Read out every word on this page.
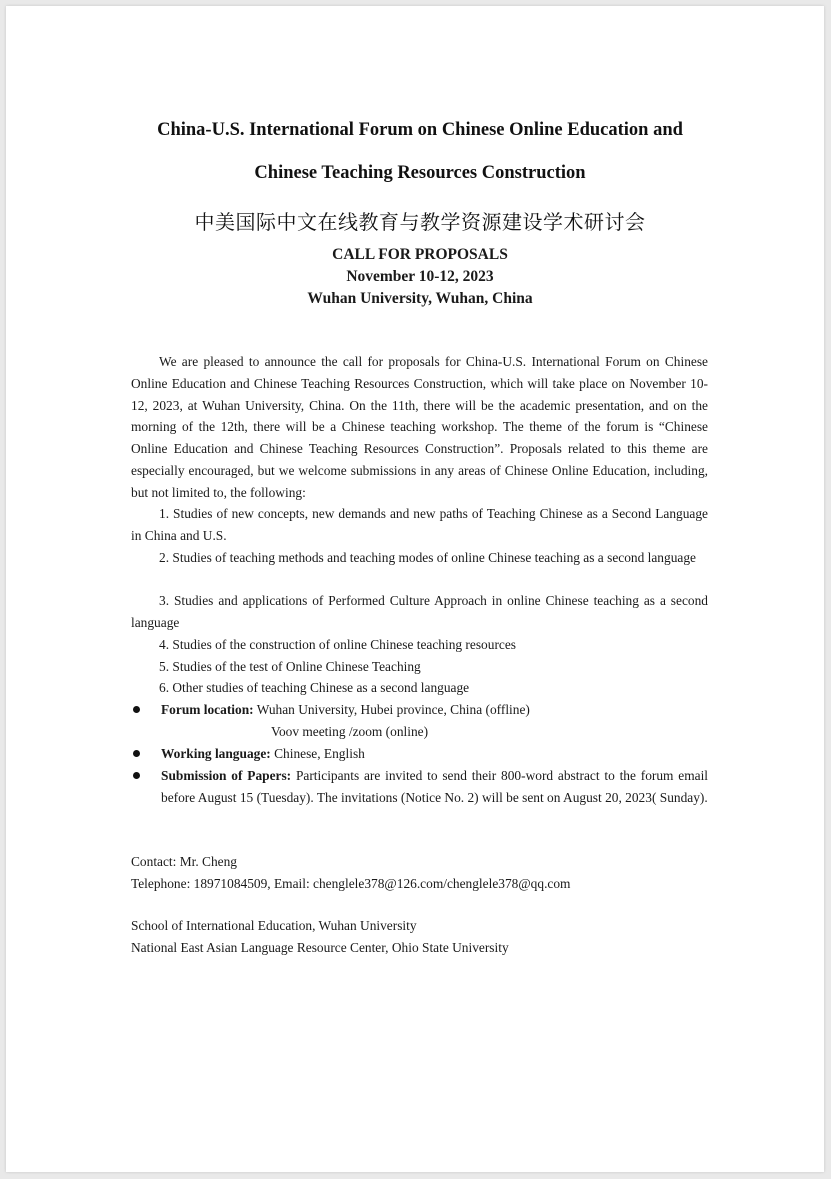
China-U.S. International Forum on Chinese Online Education and
Chinese Teaching Resources Construction
中美国际中文在线教育与教学资源建设学术研讨会
CALL FOR PROPOSALS
November 10-12, 2023
Wuhan University, Wuhan, China
We are pleased to announce the call for proposals for China-U.S. International Forum on Chinese Online Education and Chinese Teaching Resources Construction, which will take place on November 10-12, 2023, at Wuhan University, China. On the 11th, there will be the academic presentation, and on the morning of the 12th, there will be a Chinese teaching workshop. The theme of the forum is “Chinese Online Education and Chinese Teaching Resources Construction”. Proposals related to this theme are especially encouraged, but we welcome submissions in any areas of Chinese Online Education, including, but not limited to, the following:
1. Studies of new concepts, new demands and new paths of Teaching Chinese as a Second Language in China and U.S.
2. Studies of teaching methods and teaching modes of online Chinese teaching as a second language
3. Studies and applications of Performed Culture Approach in online Chinese teaching as a second language
4. Studies of the construction of online Chinese teaching resources
5. Studies of the test of Online Chinese Teaching
6. Other studies of teaching Chinese as a second language
Forum location: Wuhan University, Hubei province, China (offline)
Voov meeting /zoom (online)
Working language: Chinese, English
Submission of Papers: Participants are invited to send their 800-word abstract to the forum email before August 15 (Tuesday). The invitations (Notice No. 2) will be sent on August 20, 2023( Sunday).
Contact: Mr. Cheng
Telephone: 18971084509, Email: chenglele378@126.com/chenglele378@qq.com
School of International Education, Wuhan University
National East Asian Language Resource Center, Ohio State University
